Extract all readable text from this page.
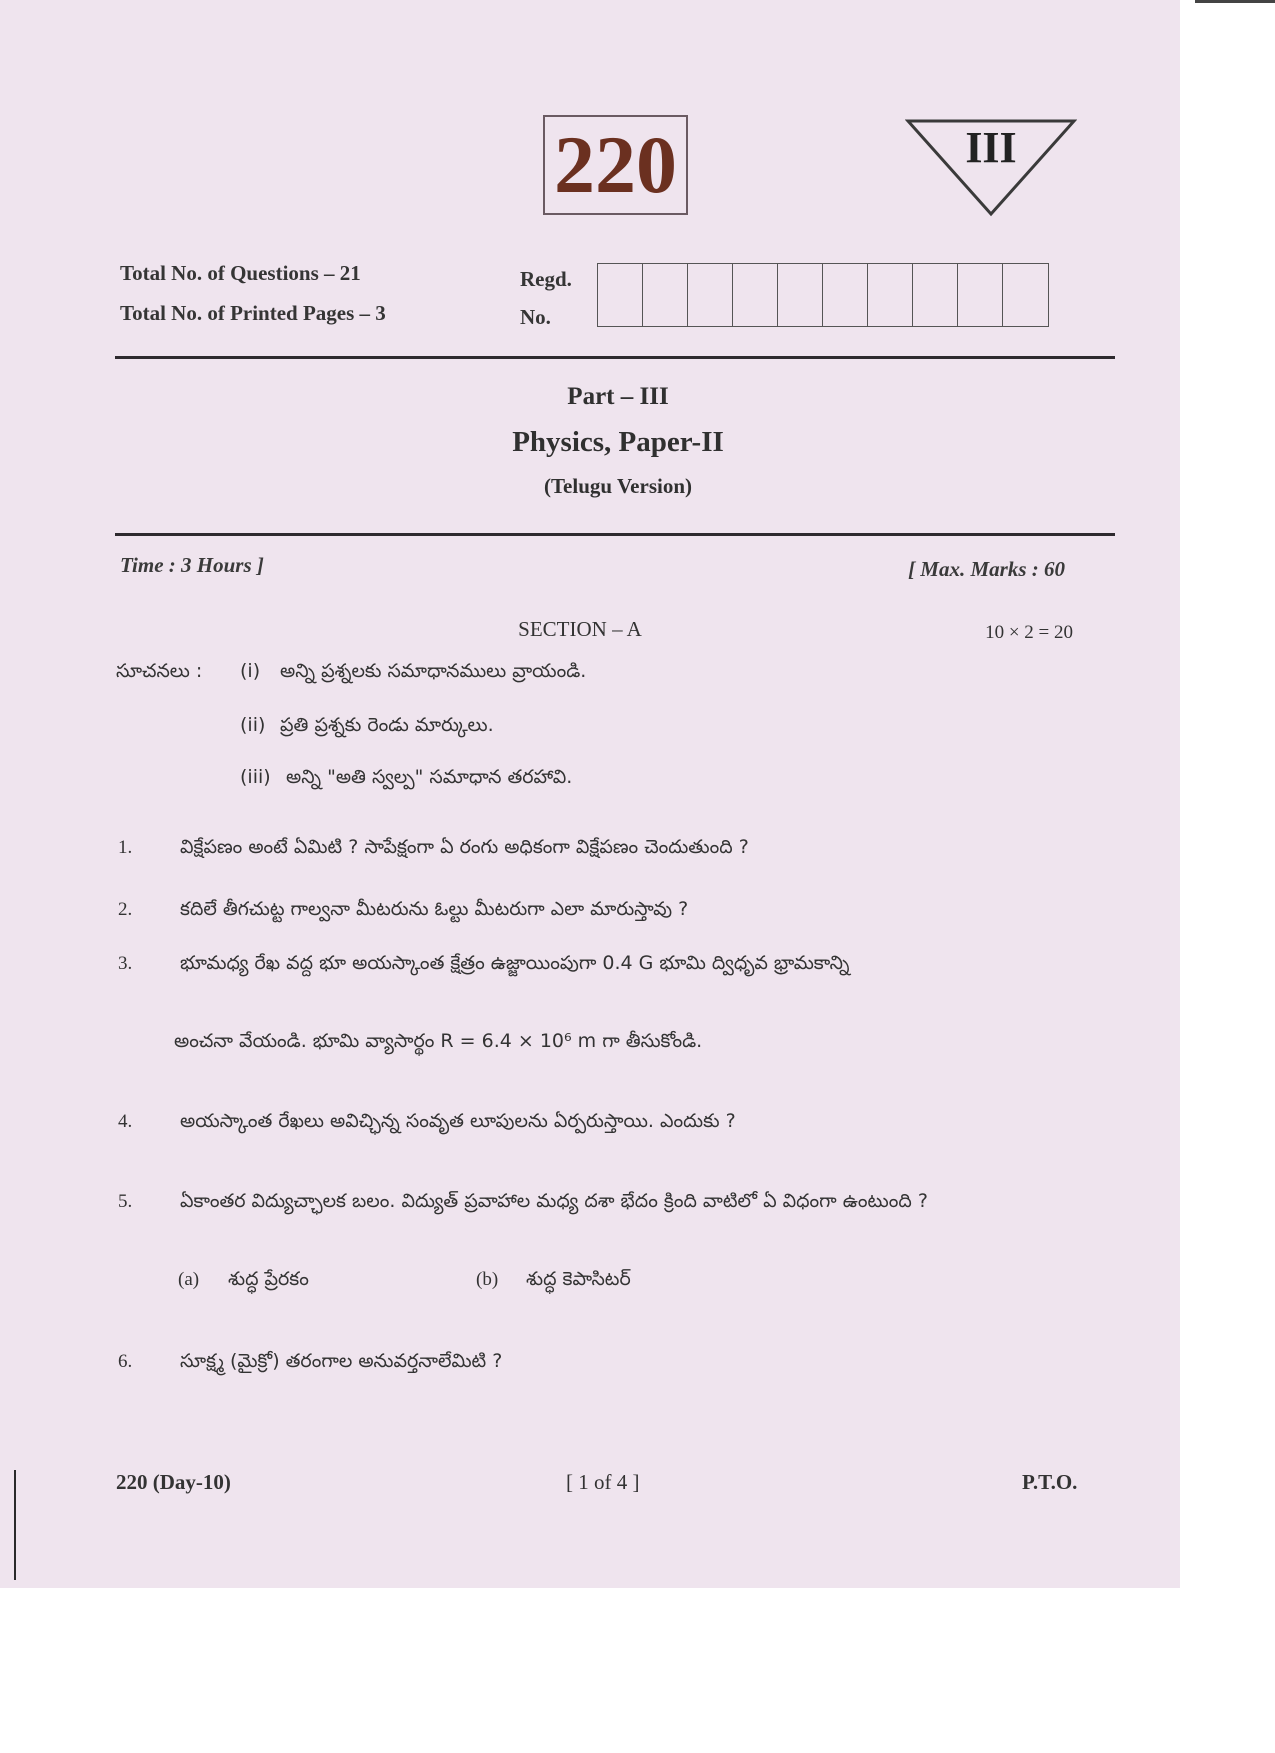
220	III
Total No. of Questions – 21
Total No. of Printed Pages – 3
Regd.
No.
Part – III
Physics, Paper-II
(Telugu Version)
Time : 3 Hours ]	[ Max. Marks : 60
SECTION – A	10 × 2 = 20
సూచనలు : (i) అన్ని ప్రశ్నలకు సమాధానములు వ్రాయండి.
(ii) ప్రతి ప్రశ్నకు రెండు మార్కులు.
(iii) అన్ని "అతి స్వల్ప" సమాధాన తరహావి.
1.	విక్షేపణం అంటే ఏమిటి ? సాపేక్షంగా ఏ రంగు అధికంగా విక్షేపణం చెందుతుంది ?
2.	కదిలే తీగచుట్ట గాల్వనా మీటరును ఓల్టు మీటరుగా ఎలా మారుస్తావు ?
3.	భూమధ్య రేఖ వద్ద భూ అయస్కాంత క్షేత్రం ఉజ్జాయింపుగా 0.4 G భూమి ద్విధృవ భ్రామకాన్ని
అంచనా వేయండి. భూమి వ్యాసార్థం R = 6.4 × 10⁶ m గా తీసుకోండి.
4.	అయస్కాంత రేఖలు అవిచ్ఛిన్న సంవృత లూపులను ఏర్పరుస్తాయి. ఎందుకు ?
5.	ఏకాంతర విద్యుచ్ఛాలక బలం. విద్యుత్ ప్రవాహాల మధ్య దశా భేదం క్రింది వాటిలో ఏ విధంగా ఉంటుంది ?
(a) శుద్ధ ప్రేరకం	(b) శుద్ధ కెపాసిటర్
6.	సూక్ష్మ (మైక్రో) తరంగాల అనువర్తనాలేమిటి ?
220 (Day-10)	[ 1 of 4 ]	P.T.O.
